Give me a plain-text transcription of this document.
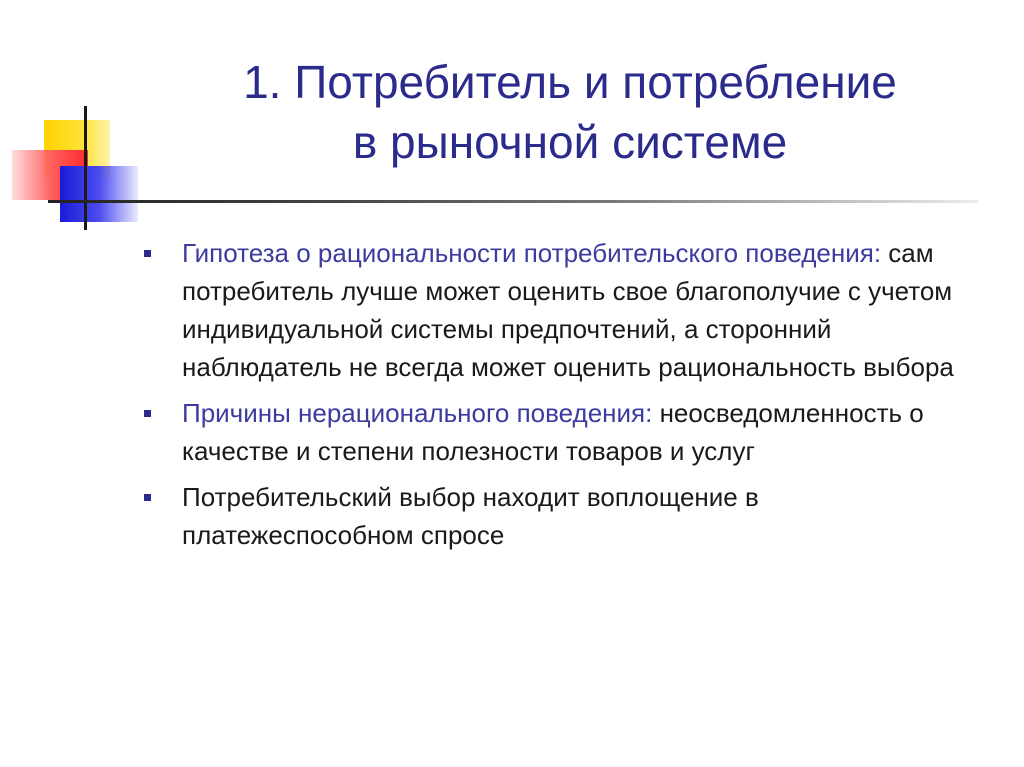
1. Потребитель и потребление
в рыночной системе
Гипотеза о рациональности потребительского поведения: сам потребитель лучше может оценить свое благополучие с учетом индивидуальной системы предпочтений, а сторонний наблюдатель не всегда может оценить рациональность выбора
Причины нерационального поведения: неосведомленность о качестве и степени полезности товаров и услуг
Потребительский выбор находит воплощение в платежеспособном спросе
